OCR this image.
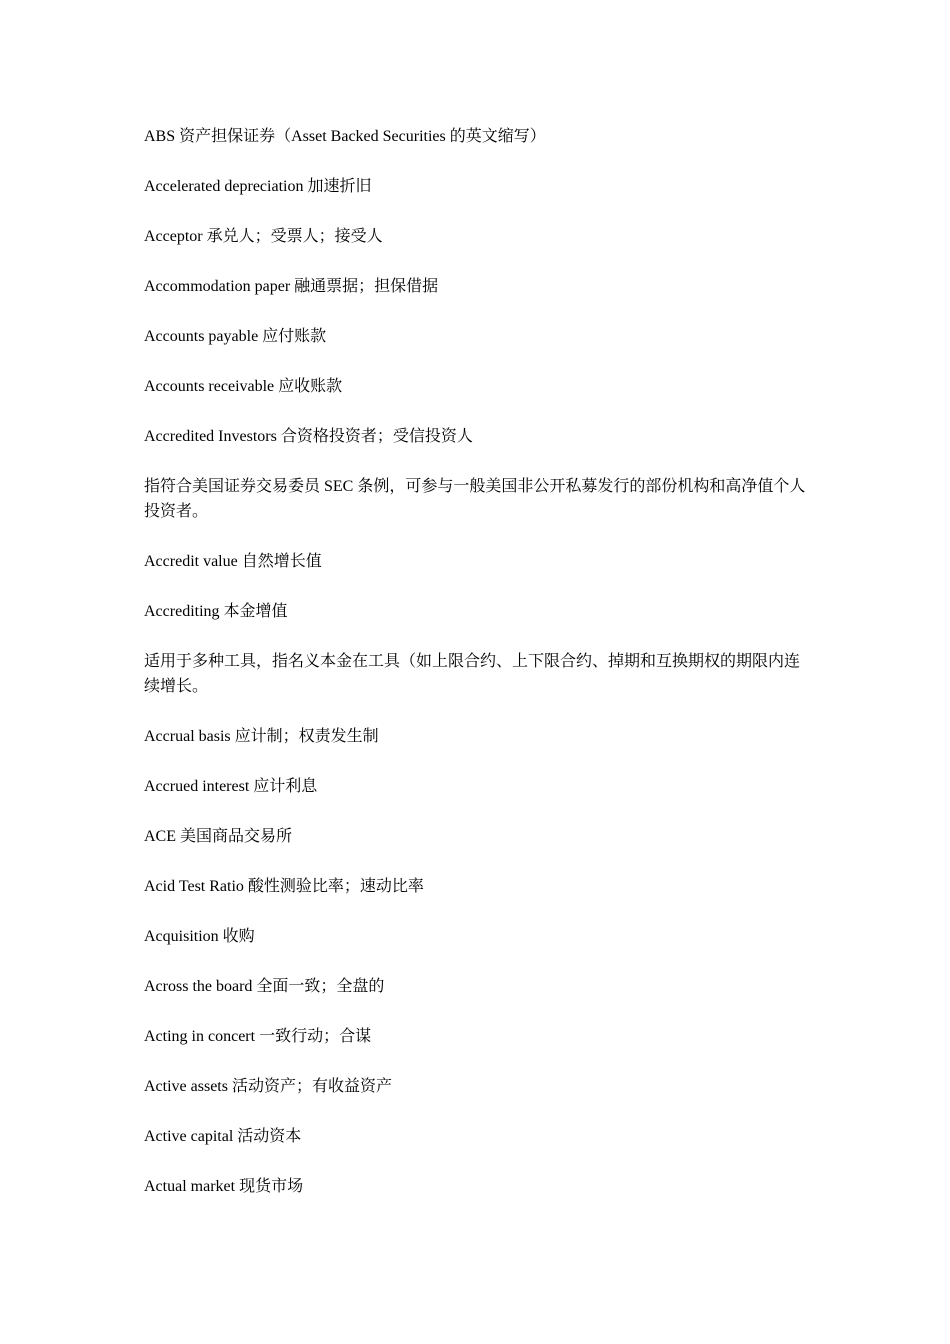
ABS 资产担保证券（Asset Backed Securities 的英文缩写）

Accelerated depreciation 加速折旧

Acceptor 承兑人；受票人；接受人

Accommodation paper 融通票据；担保借据

Accounts payable 应付账款

Accounts receivable 应收账款

Accredited Investors 合资格投资者；受信投资人

指符合美国证券交易委员 SEC 条例，可参与一般美国非公开私募发行的部份机构和高净值个人投资者。

Accredit value 自然增长值

Accrediting 本金增值

适用于多种工具，指名义本金在工具（如上限合约、上下限合约、掉期和互换期权的期限内连续增长。

Accrual basis 应计制；权责发生制

Accrued interest 应计利息

ACE 美国商品交易所

Acid Test Ratio 酸性测验比率；速动比率

Acquisition 收购

Across the board 全面一致；全盘的

Acting in concert 一致行动；合谋

Active assets 活动资产；有收益资产

Active capital 活动资本

Actual market 现货市场
